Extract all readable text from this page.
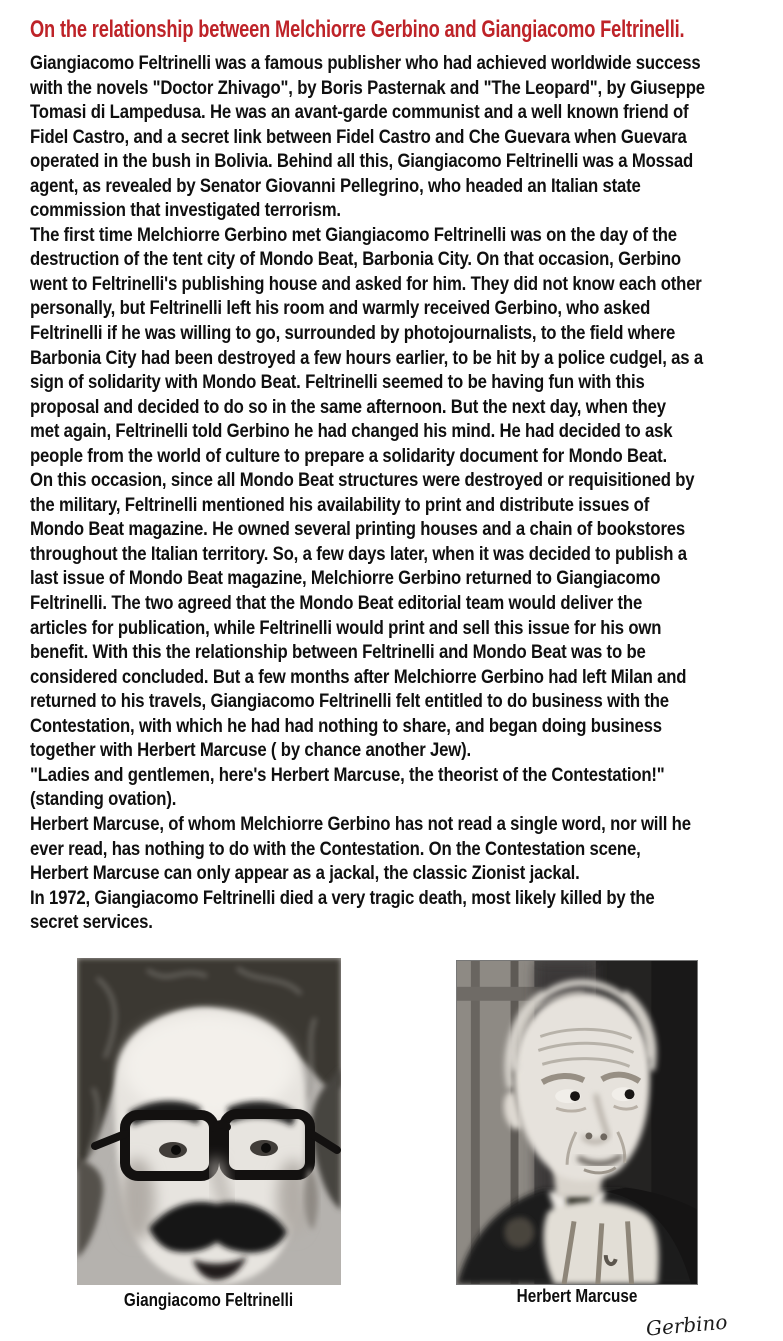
On the relationship between Melchiorre Gerbino and Giangiacomo Feltrinelli.
Giangiacomo Feltrinelli was a famous publisher who had achieved worldwide success
with the novels "Doctor Zhivago", by Boris Pasternak and "The Leopard", by Giuseppe
Tomasi di Lampedusa. He was an avant-garde communist and a well known friend of
Fidel Castro, and a secret link between Fidel Castro and Che Guevara when Guevara
operated in the bush in Bolivia. Behind all this, Giangiacomo Feltrinelli was a Mossad
agent, as revealed by Senator Giovanni Pellegrino, who headed an Italian state
commission that investigated terrorism.
The first time Melchiorre Gerbino met Giangiacomo Feltrinelli was on the day of the
destruction of the tent city of Mondo Beat, Barbonia City. On that occasion, Gerbino
went to Feltrinelli's publishing house and asked for him. They did not know each other
personally, but Feltrinelli left his room and warmly received Gerbino, who asked
Feltrinelli if he was willing to go, surrounded by photojournalists, to the field where
Barbonia City had been destroyed a few hours earlier, to be hit by a police cudgel, as a
sign of solidarity with Mondo Beat. Feltrinelli seemed to be having fun with this
proposal and decided to do so in the same afternoon. But the next day, when they
met again, Feltrinelli told Gerbino he had changed his mind. He had decided to ask
people from the world of culture to prepare a solidarity document for Mondo Beat.
On this occasion, since all Mondo Beat structures were destroyed or requisitioned by
the military, Feltrinelli mentioned his availability to print and distribute issues of
Mondo Beat magazine. He owned several printing houses and a chain of bookstores
throughout the Italian territory. So, a few days later, when it was decided to publish a
last issue of Mondo Beat magazine, Melchiorre Gerbino returned to Giangiacomo
Feltrinelli. The two agreed that the Mondo Beat editorial team would deliver the
articles for publication, while Feltrinelli would print and sell this issue for his own
benefit. With this the relationship between Feltrinelli and Mondo Beat was to be
considered concluded. But a few months after Melchiorre Gerbino had left Milan and
returned to his travels, Giangiacomo Feltrinelli felt entitled to do business with the
Contestation, with which he had had nothing to share, and began doing business
together with Herbert Marcuse ( by chance another Jew).
"Ladies and gentlemen, here's Herbert Marcuse, the theorist of the Contestation!"
(standing ovation).
Herbert Marcuse, of whom Melchiorre Gerbino has not read a single word, nor will he
ever read, has nothing to do with the Contestation. On the Contestation scene,
Herbert Marcuse can only appear as a jackal, the classic Zionist jackal.
In 1972, Giangiacomo Feltrinelli died a very tragic death, most likely killed by the
secret services.
Giangiacomo Feltrinelli	Herbert Marcuse
Gerbino
